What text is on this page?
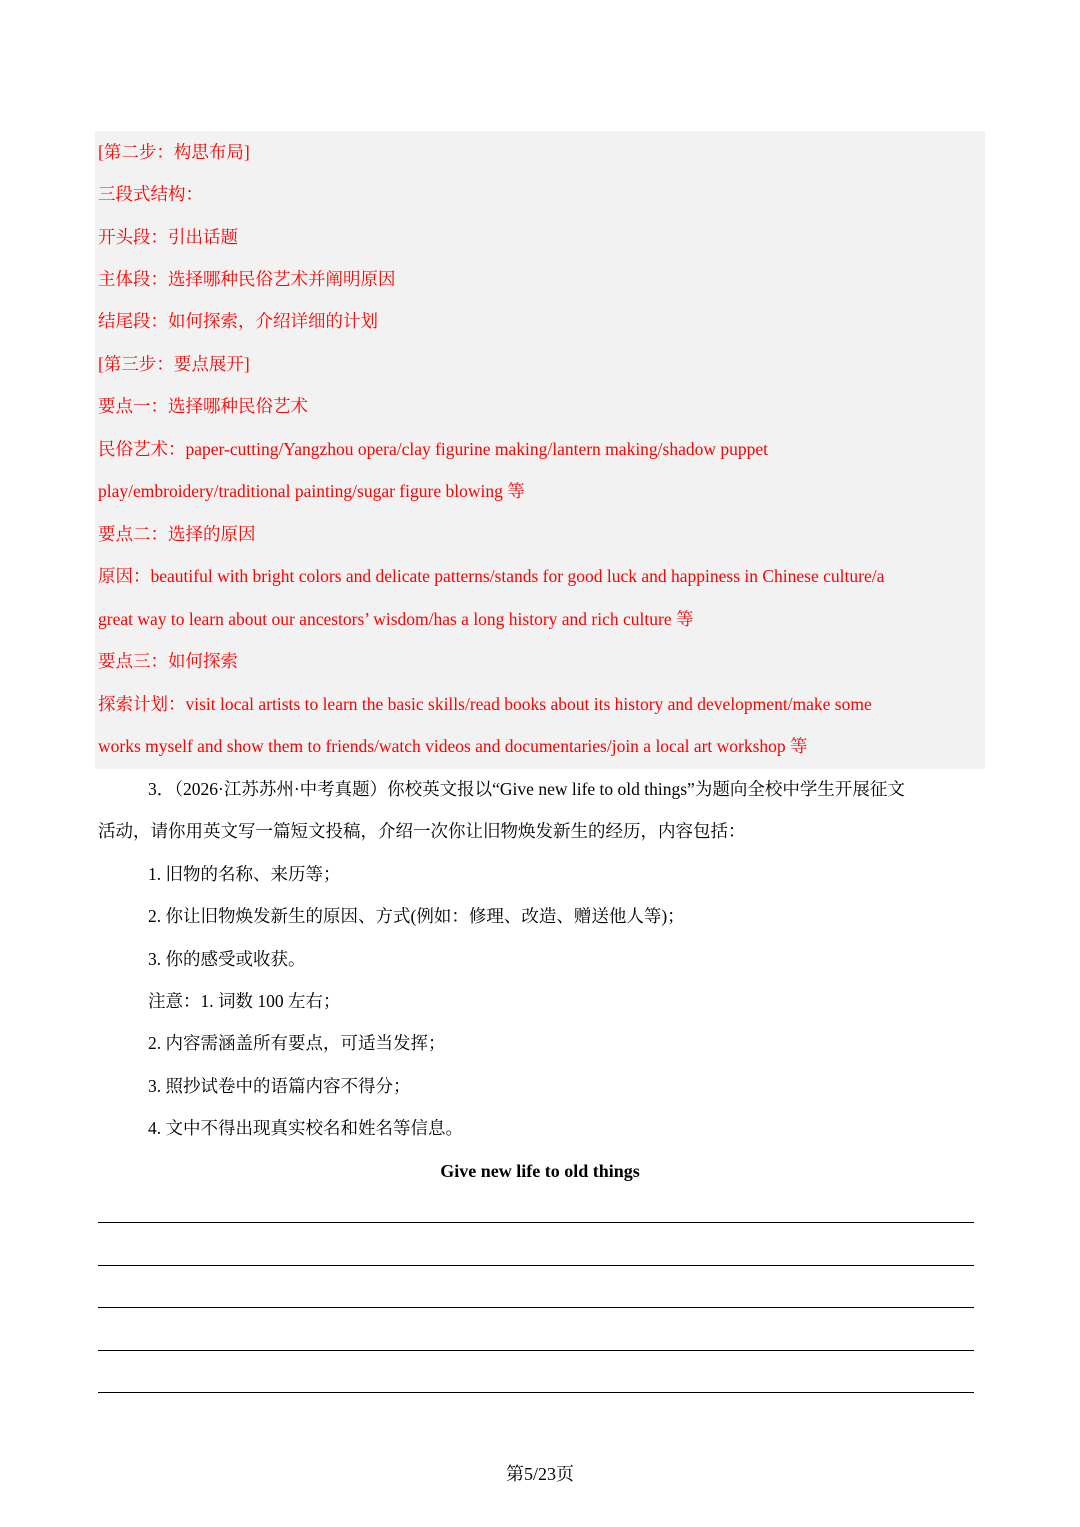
[第二步：构思布局]
三段式结构：
开头段：引出话题
主体段：选择哪种民俗艺术并阐明原因
结尾段：如何探索，介绍详细的计划
[第三步：要点展开]
要点一：选择哪种民俗艺术
民俗艺术：paper-cutting/Yangzhou opera/clay figurine making/lantern making/shadow puppet
play/embroidery/traditional painting/sugar figure blowing 等
要点二：选择的原因
原因：beautiful with bright colors and delicate patterns/stands for good luck and happiness in Chinese culture/a
great way to learn about our ancestors’ wisdom/has a long history and rich culture 等
要点三：如何探索
探索计划：visit local artists to learn the basic skills/read books about its history and development/make some
works myself and show them to friends/watch videos and documentaries/join a local art workshop 等
3．（2026·江苏苏州·中考真题）你校英文报以“Give new life to old things”为题向全校中学生开展征文
活动，请你用英文写一篇短文投稿，介绍一次你让旧物焕发新生的经历，内容包括：
1. 旧物的名称、来历等；
2. 你让旧物焕发新生的原因、方式(例如：修理、改造、赠送他人等)；
3. 你的感受或收获。
注意：1. 词数 100 左右；
2. 内容需涵盖所有要点，可适当发挥；
3. 照抄试卷中的语篇内容不得分；
4. 文中不得出现真实校名和姓名等信息。
Give new life to old things
第5/23页
